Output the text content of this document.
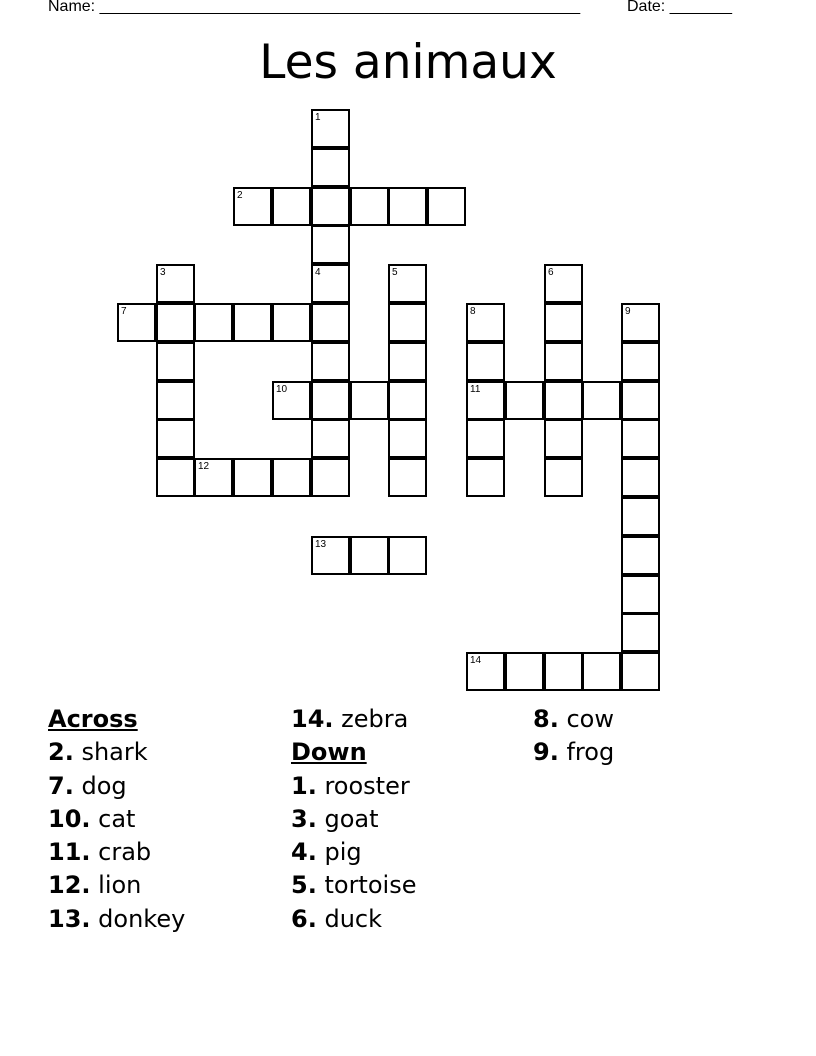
Name: ______________________________________________________	Date: _______
Les animaux
1
4
2
3	5	6
7	8
11
9
10
12
13
14
Across
2. shark
7. dog
10. cat
11. crab
12. lion
13. donkey
14. zebra
Down
1. rooster
3. goat
4. pig
5. tortoise
6. duck
8. cow
9. frog
